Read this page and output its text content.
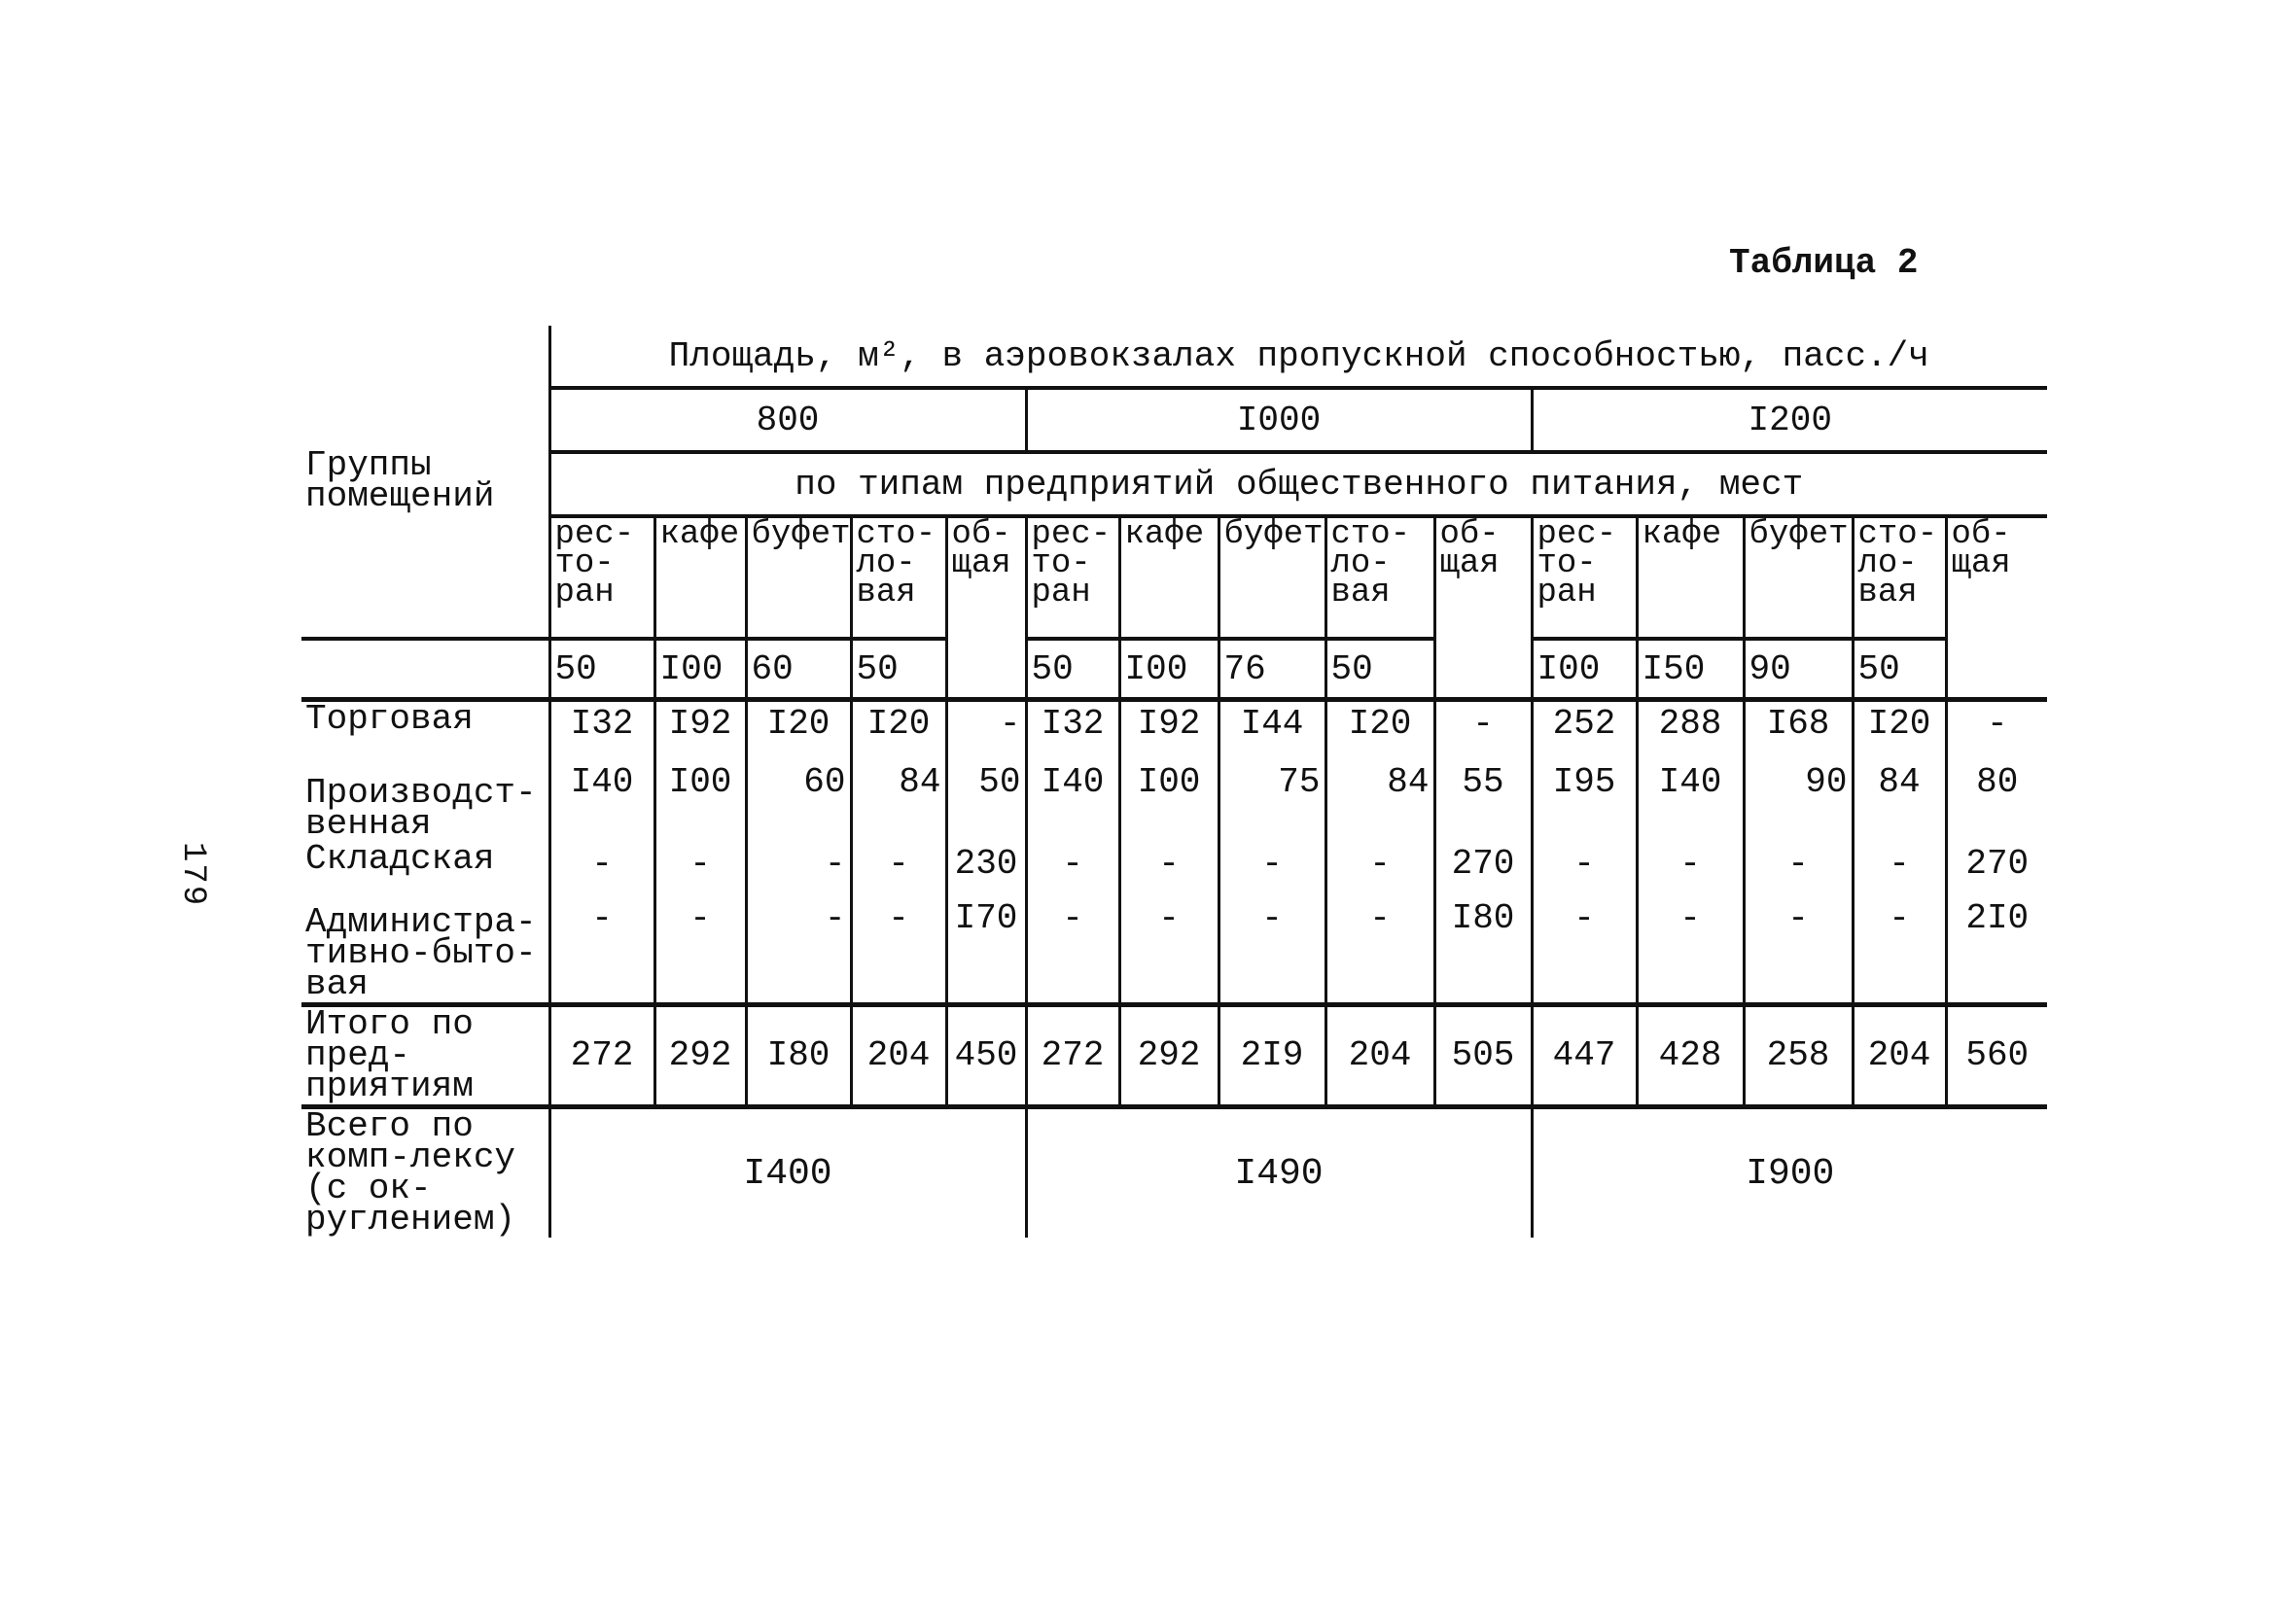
179
Таблица 2
Группы помещений	Площадь, м², в аэровокзалах пропускной способностью, пасс./ч														
	800					I000					I200				
	по типам предприятий общественного питания, мест														
	рес-то-ран	кафе	буфет	сто-ло-вая	об-щая	рес-то-ран	кафе	буфет	сто-ло-вая	об-щая	рес-то-ран	кафе	буфет	сто-ло-вая	об-щая
	50	I00	60	50		50	I00	76	50		I00	I50	90	50	
Торговая	I32	I92	I20	I20	-	I32	I92	I44	I20	-	252	288	I68	I20	-
Производст-венная	I40	I00	60	84	50	I40	I00	75	84	55	I95	I40	90	84	80
Складская	-	-	-	-	230	-	-	-	-	270	-	-	-	-	270
Администра-тивно-быто-вая	-	-	-	-	I70	-	-	-	-	I80	-	-	-	-	2I0
Итого по пред-приятиям	272	292	I80	204	450	272	292	2I9	204	505	447	428	258	204	560
Всего по комп-лексу (с ок-руглением)	I400					I490					I900				
